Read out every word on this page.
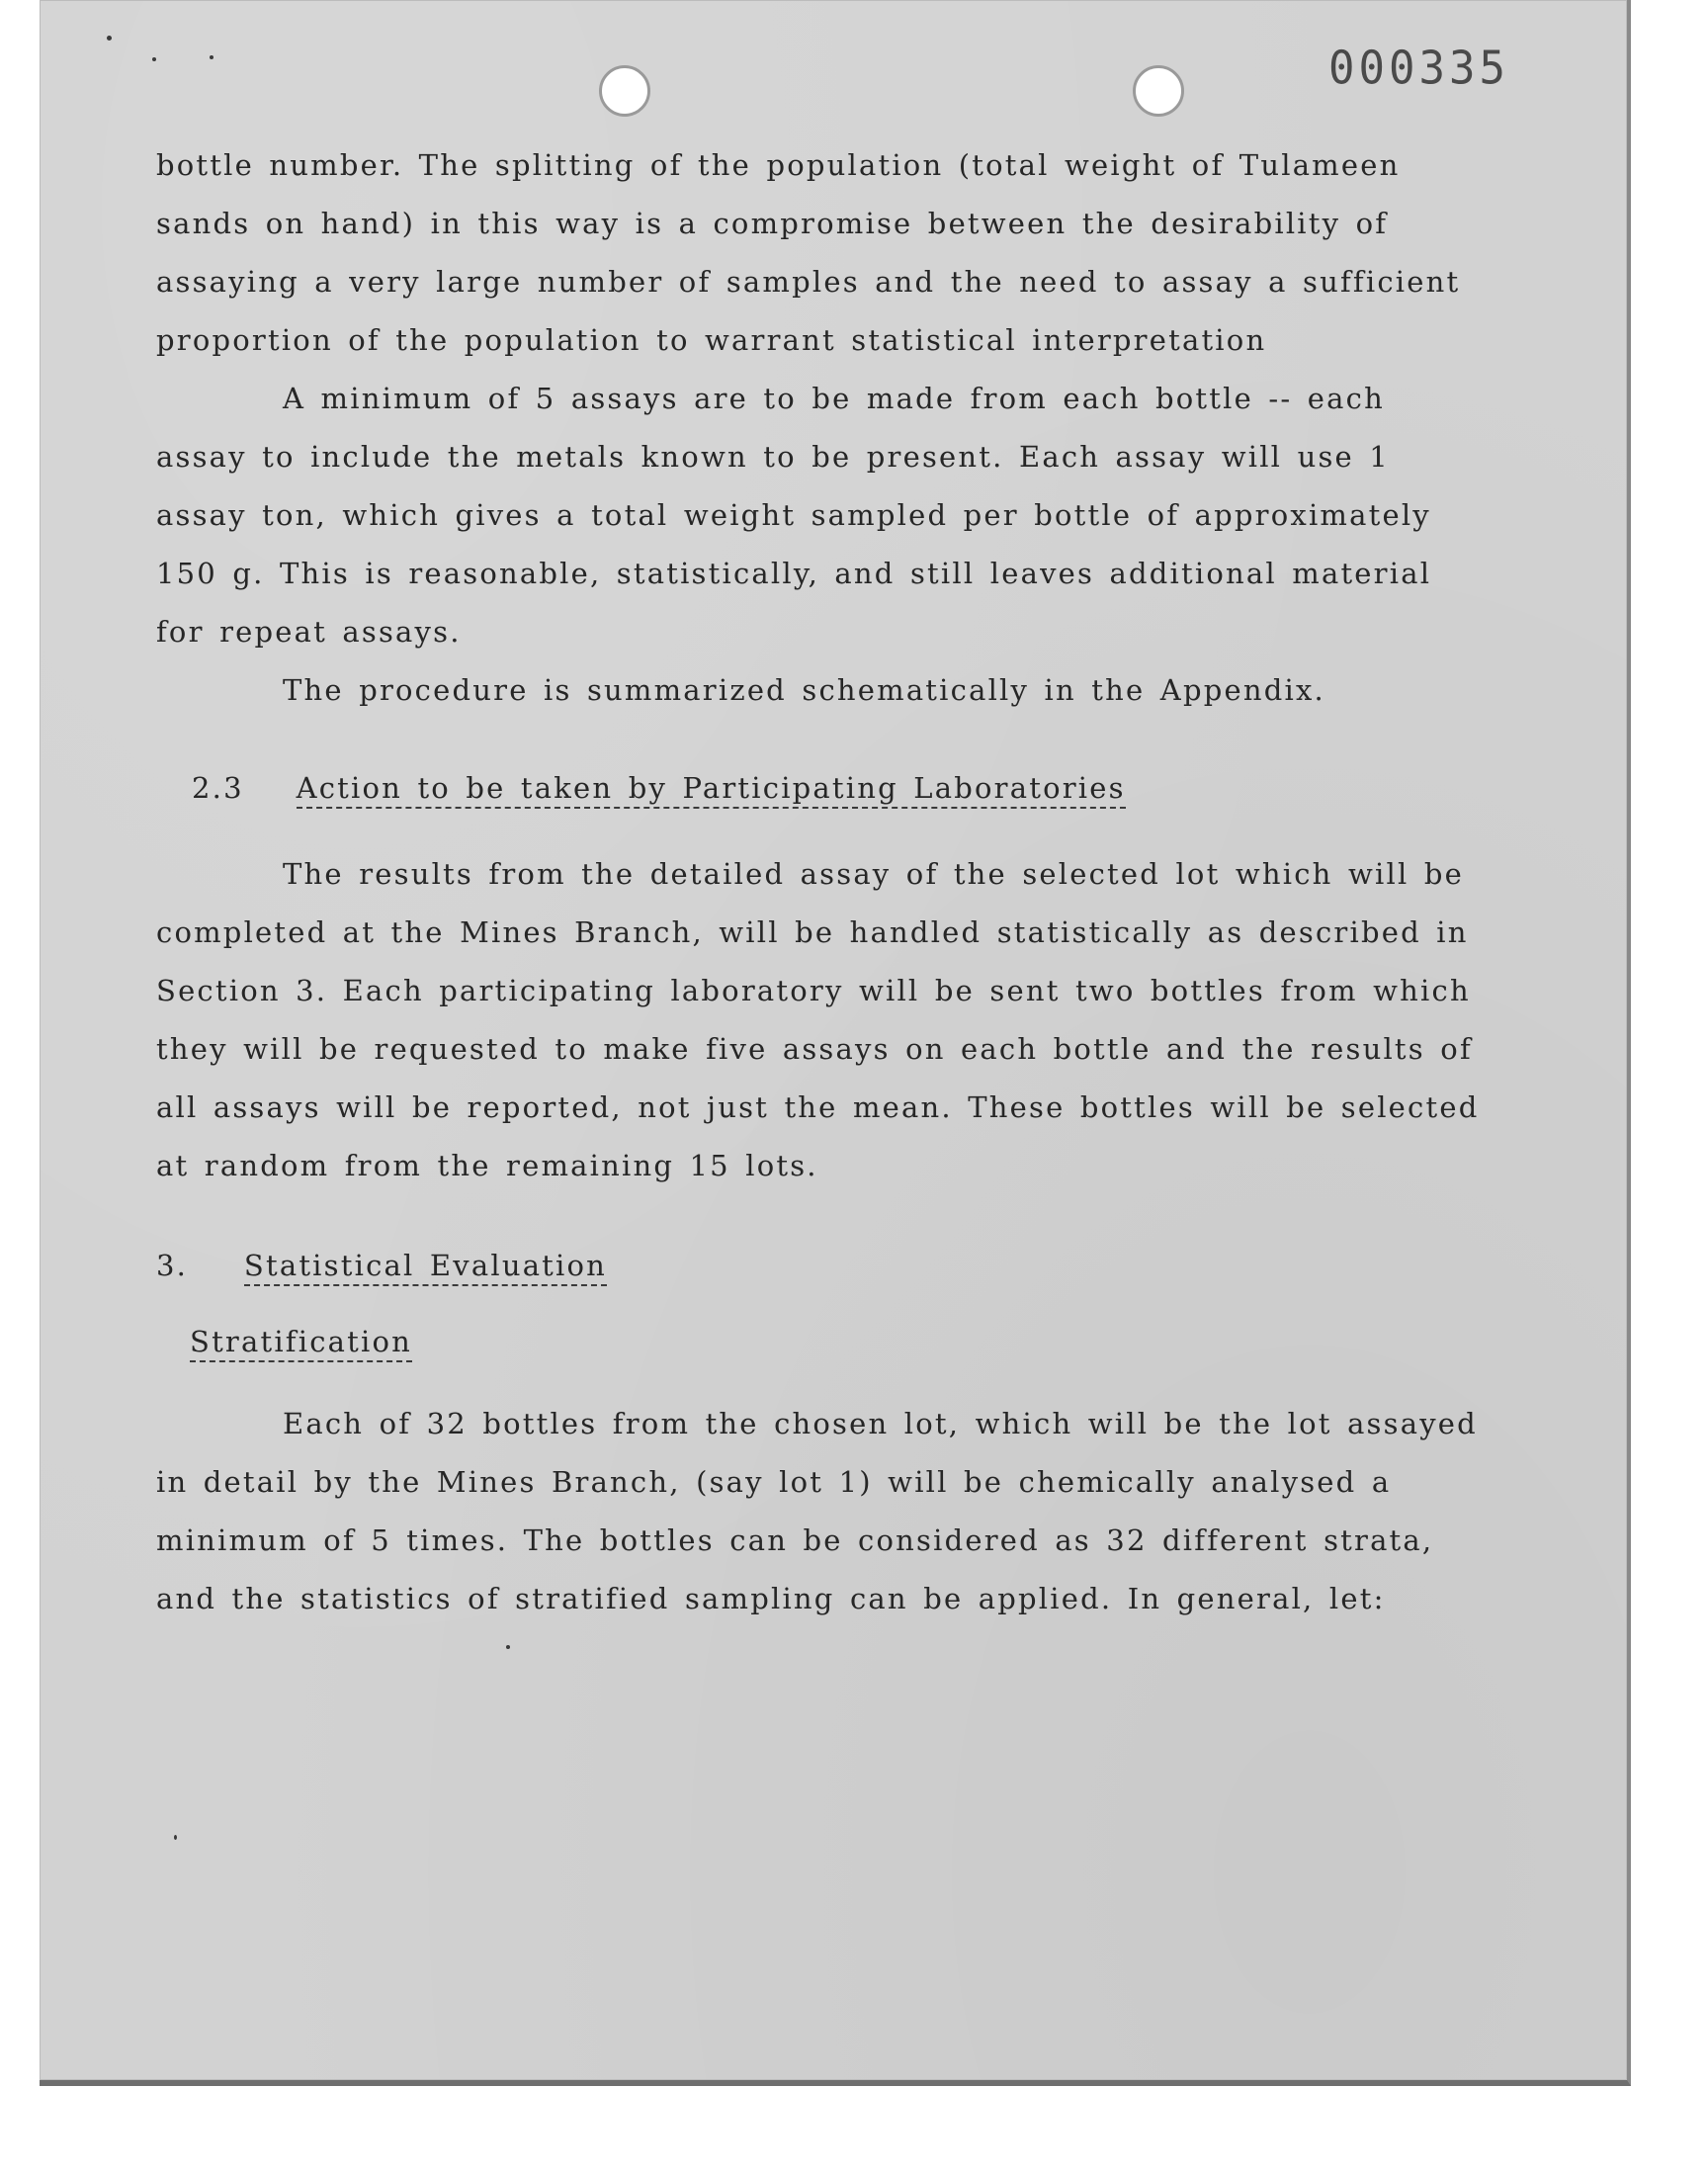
000335
bottle number. The splitting of the population (total weight of Tulameen
sands on hand) in this way is a compromise between the desirability of
assaying a very large number of samples and the need to assay a sufficient
proportion of the population to warrant statistical interpretation
A minimum of 5 assays are to be made from each bottle -- each
assay to include the metals known to be present. Each assay will use 1
assay ton, which gives a total weight sampled per bottle of approximately
150 g. This is reasonable, statistically, and still leaves additional material
for repeat assays.
The procedure is summarized schematically in the Appendix.
2.3 Action to be taken by Participating Laboratories
The results from the detailed assay of the selected lot which will be
completed at the Mines Branch, will be handled statistically as described in
Section 3. Each participating laboratory will be sent two bottles from which
they will be requested to make five assays on each bottle and the results of
all assays will be reported, not just the mean. These bottles will be selected
at random from the remaining 15 lots.
3. Statistical Evaluation
Stratification
Each of 32 bottles from the chosen lot, which will be the lot assayed
in detail by the Mines Branch, (say lot 1) will be chemically analysed a
minimum of 5 times. The bottles can be considered as 32 different strata,
and the statistics of stratified sampling can be applied. In general, let:
